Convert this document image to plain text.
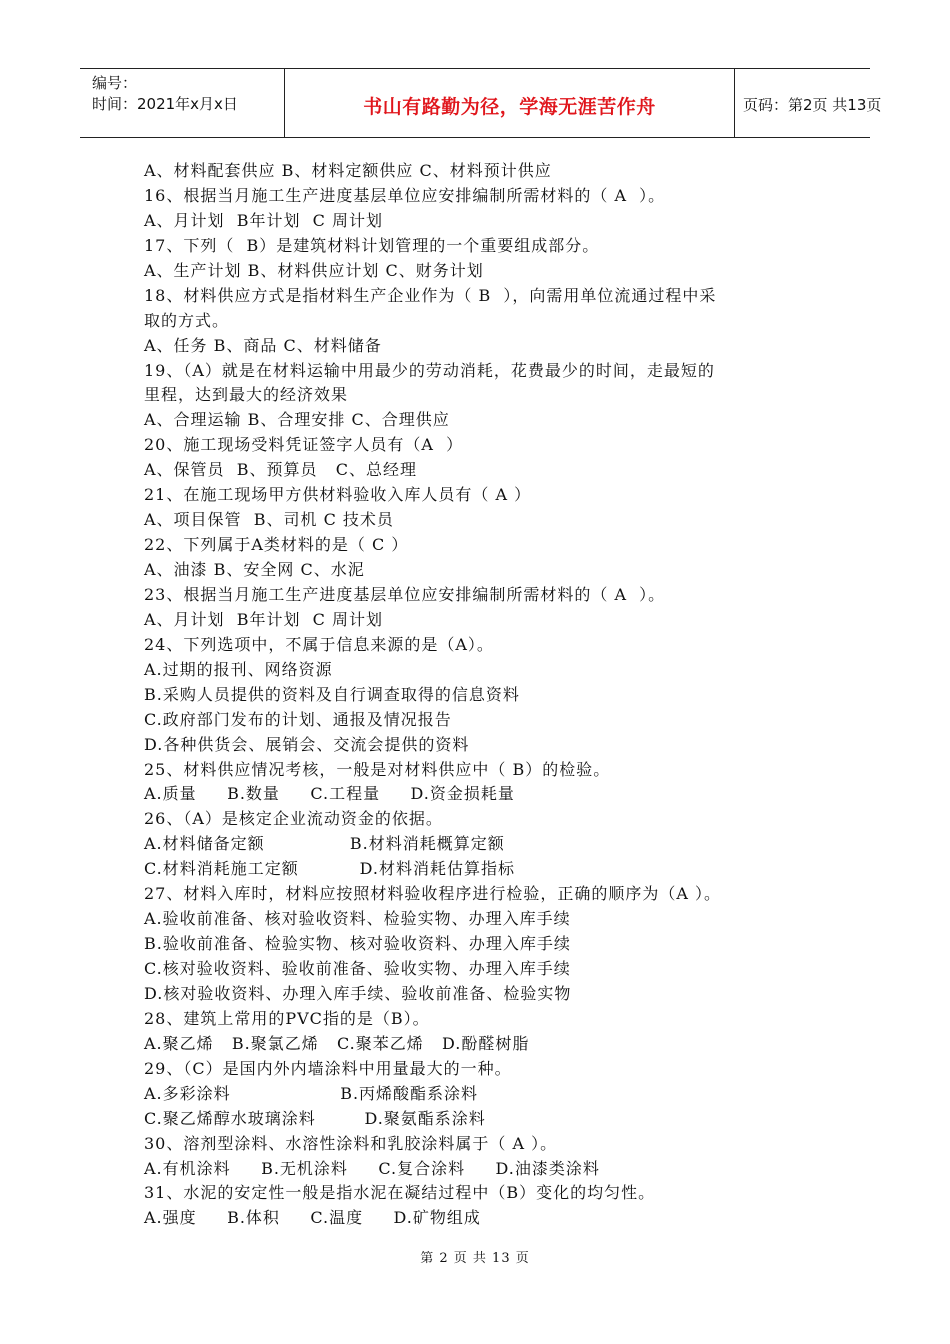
编号：
时间：2021年x月x日	书山有路勤为径，学海无涯苦作舟	页码：第2页 共13页
A、材料配套供应 B、材料定额供应 C、材料预计供应
16、根据当月施工生产进度基层单位应安排编制所需材料的（ A  ）。
A、月计划  B年计划  C 周计划
17、下列（  B）是建筑材料计划管理的一个重要组成部分。
A、生产计划 B、材料供应计划 C、财务计划
18、材料供应方式是指材料生产企业作为（ B  ），向需用单位流通过程中采
取的方式。
A、任务 B、商品 C、材料储备
19、（A）就是在材料运输中用最少的劳动消耗，花费最少的时间，走最短的
里程，达到最大的经济效果
A、合理运输 B、合理安排 C、合理供应
20、施工现场受料凭证签字人员有（A  ）
A、保管员  B、预算员   C、总经理
21、在施工现场甲方供材料验收入库人员有（ A ）
A、项目保管  B、司机 C 技术员
22、下列属于A类材料的是（ C ）
A、油漆 B、安全网 C、水泥
23、根据当月施工生产进度基层单位应安排编制所需材料的（ A  ）。
A、月计划  B年计划  C 周计划
24、下列选项中，不属于信息来源的是（A）。
A.过期的报刊、网络资源
B.采购人员提供的资料及自行调查取得的信息资料
C.政府部门发布的计划、通报及情况报告
D.各种供货会、展销会、交流会提供的资料
25、材料供应情况考核，一般是对材料供应中（ B）的检验。
A.质量     B.数量     C.工程量     D.资金损耗量
26、（A）是核定企业流动资金的依据。
A.材料储备定额              B.材料消耗概算定额
C.材料消耗施工定额          D.材料消耗估算指标
27、材料入库时，材料应按照材料验收程序进行检验，正确的顺序为（A ）。
A.验收前准备、核对验收资料、检验实物、办理入库手续
B.验收前准备、检验实物、核对验收资料、办理入库手续
C.核对验收资料、验收前准备、验收实物、办理入库手续
D.核对验收资料、办理入库手续、验收前准备、检验实物
28、建筑上常用的PVC指的是（B）。
A.聚乙烯   B.聚氯乙烯   C.聚苯乙烯   D.酚醛树脂
29、（C）是国内外内墙涂料中用量最大的一种。
A.多彩涂料                  B.丙烯酸酯系涂料
C.聚乙烯醇水玻璃涂料        D.聚氨酯系涂料
30、溶剂型涂料、水溶性涂料和乳胶涂料属于（ A ）。
A.有机涂料     B.无机涂料     C.复合涂料     D.油漆类涂料
31、水泥的安定性一般是指水泥在凝结过程中（B）变化的均匀性。
A.强度     B.体积     C.温度     D.矿物组成
第 2 页 共 13 页
